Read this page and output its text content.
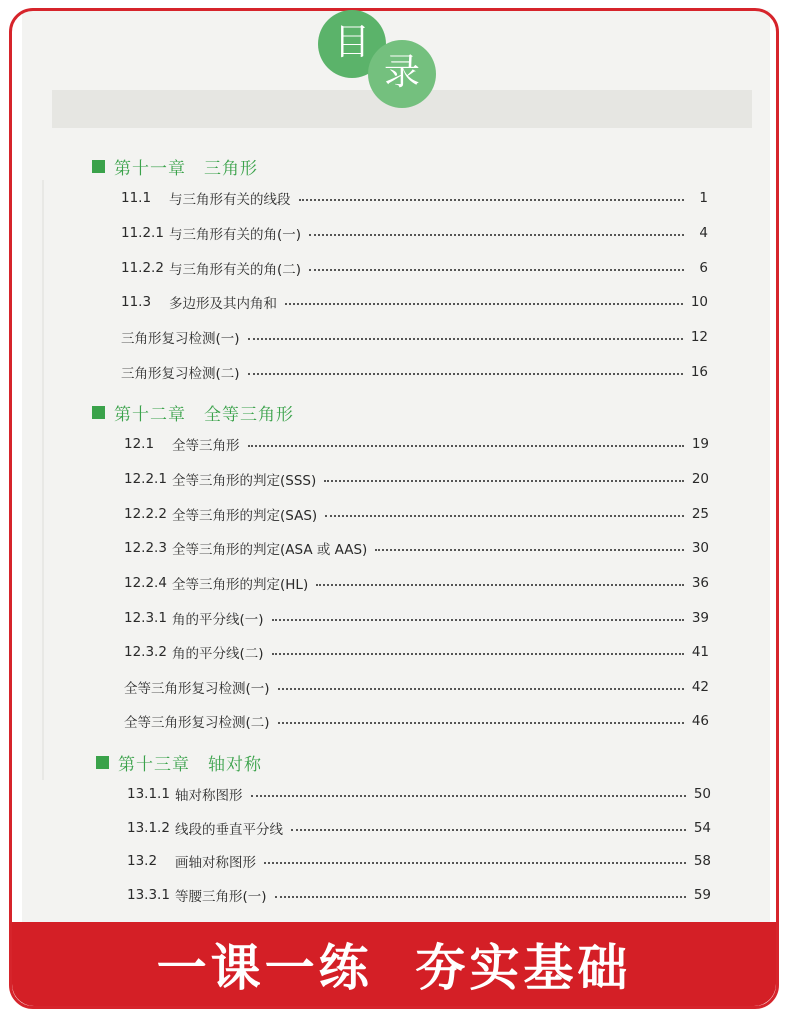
目
录
第十一章 三角形
11.1	与三角形有关的线段	1
11.2.1 与三角形有关的角(一)	4
11.2.2 与三角形有关的角(二)	6
11.3	多边形及其内角和	10
三角形复习检测(一)	12
三角形复习检测(二)	16
第十二章 全等三角形
12.1	全等三角形	19
12.2.1 全等三角形的判定(SSS)	20
12.2.2 全等三角形的判定(SAS)	25
12.2.3 全等三角形的判定(ASA 或 AAS)	30
12.2.4 全等三角形的判定(HL)	36
12.3.1 角的平分线(一)	39
12.3.2 角的平分线(二)	41
全等三角形复习检测(一)	42
全等三角形复习检测(二)	46
第十三章 轴对称
13.1.1 轴对称图形	50
13.1.2 线段的垂直平分线	54
13.2	画轴对称图形	58
13.3.1 等腰三角形(一)	59
一课一练  夯实基础
